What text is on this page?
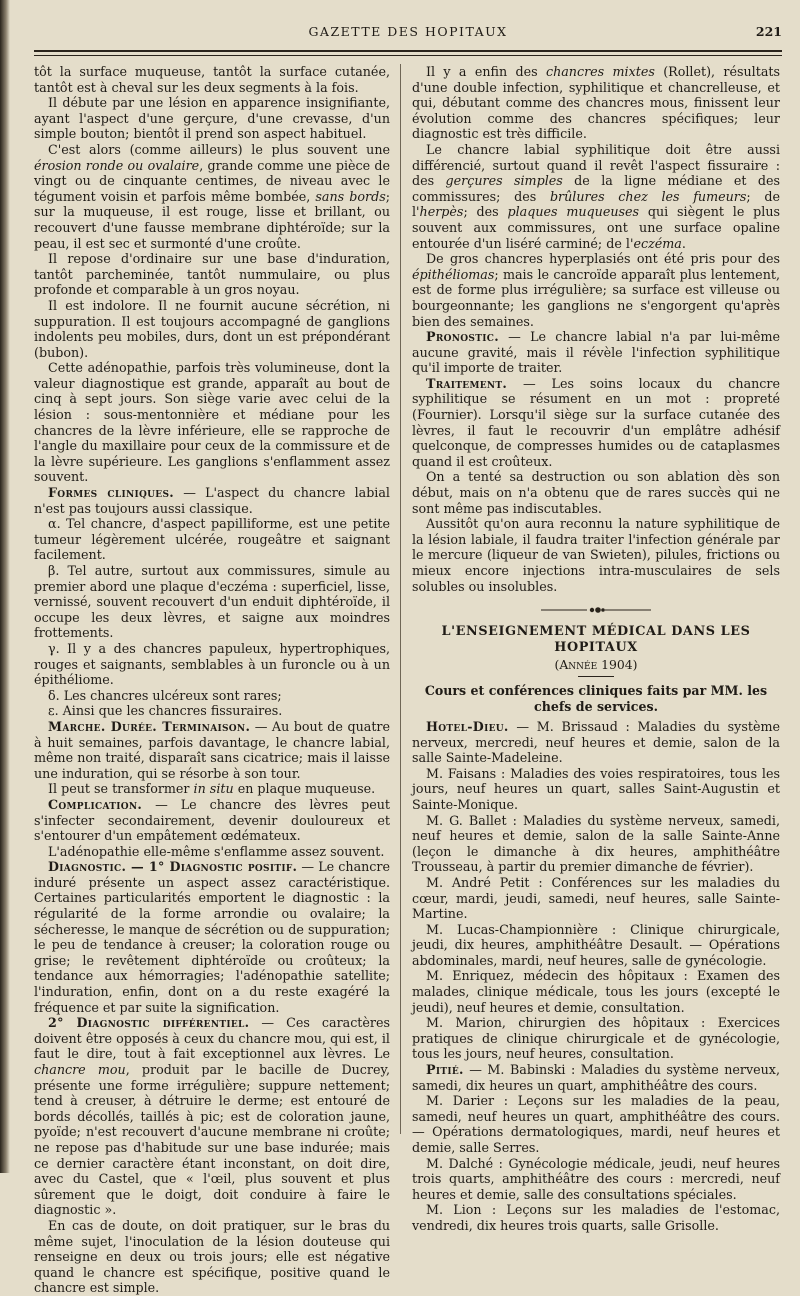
GAZETTE DES HOPITAUX	221

tôt la surface muqueuse, tantôt la surface cutanée, tantôt est à cheval sur les deux segments à la fois.

Il débute par une lésion en apparence insignifiante, ayant l'aspect d'une gerçure, d'une crevasse, d'un simple bouton; bientôt il prend son aspect habituel.

C'est alors (comme ailleurs) le plus souvent une érosion ronde ou ovalaire, grande comme une pièce de vingt ou de cinquante centimes, de niveau avec le tégument voisin et parfois même bombée, sans bords; sur la muqueuse, il est rouge, lisse et brillant, ou recouvert d'une fausse membrane diphtéroïde; sur la peau, il est sec et surmonté d'une croûte.

Il repose d'ordinaire sur une base d'induration, tantôt parcheminée, tantôt nummulaire, ou plus profonde et comparable à un gros noyau.

Il est indolore. Il ne fournit aucune sécrétion, ni suppuration. Il est toujours accompagné de ganglions indolents peu mobiles, durs, dont un est prépondérant (bubon).

Cette adénopathie, parfois très volumineuse, dont la valeur diagnostique est grande, apparaît au bout de cinq à sept jours. Son siège varie avec celui de la lésion : sous-mentonnière et médiane pour les chancres de la lèvre inférieure, elle se rapproche de l'angle du maxillaire pour ceux de la commissure et de la lèvre supérieure. Les ganglions s'enflamment assez souvent.

Formes cliniques. — L'aspect du chancre labial n'est pas toujours aussi classique.

α. Tel chancre, d'aspect papilliforme, est une petite tumeur légèrement ulcérée, rougeâtre et saignant facilement.

β. Tel autre, surtout aux commissures, simule au premier abord une plaque d'eczéma : superficiel, lisse, vernissé, souvent recouvert d'un enduit diphtéroïde, il occupe les deux lèvres, et saigne aux moindres frottements.

γ. Il y a des chancres papuleux, hypertrophiques, rouges et saignants, semblables à un furoncle ou à un épithéliome.

δ. Les chancres ulcéreux sont rares;

ε. Ainsi que les chancres fissuraires.

Marche. Durée. Terminaison. — Au bout de quatre à huit semaines, parfois davantage, le chancre labial, même non traité, disparaît sans cicatrice; mais il laisse une induration, qui se résorbe à son tour.

Il peut se transformer in situ en plaque muqueuse.

Complication. — Le chancre des lèvres peut s'infecter secondairement, devenir douloureux et s'entourer d'un empâtement œdémateux.

L'adénopathie elle-même s'enflamme assez souvent.

Diagnostic. — 1° Diagnostic positif. — Le chancre induré présente un aspect assez caractéristique. Certaines particularités emportent le diagnostic : la régularité de la forme arrondie ou ovalaire; la sécheresse, le manque de sécrétion ou de suppuration; le peu de tendance à creuser; la coloration rouge ou grise; le revêtement diphtéroïde ou croûteux; la tendance aux hémorragies; l'adénopathie satellite; l'induration, enfin, dont on a du reste exagéré la fréquence et par suite la signification.

2° Diagnostic différentiel. — Ces caractères doivent être opposés à ceux du chancre mou, qui est, il faut le dire, tout à fait exceptionnel aux lèvres. Le chancre mou, produit par le bacille de Ducrey, présente une forme irrégulière; suppure nettement; tend à creuser, à détruire le derme; est entouré de bords décollés, taillés à pic; est de coloration jaune, pyoïde; n'est recouvert d'aucune membrane ni croûte; ne repose pas d'habitude sur une base indurée; mais ce dernier caractère étant inconstant, on doit dire, avec du Castel, que « l'œil, plus souvent et plus sûrement que le doigt, doit conduire à faire le diagnostic ».

En cas de doute, on doit pratiquer, sur le bras du même sujet, l'inoculation de la lésion douteuse qui renseigne en deux ou trois jours; elle est négative quand le chancre est spécifique, positive quand le chancre est simple.

Il y a enfin des chancres mixtes (Rollet), résultats d'une double infection, syphilitique et chancrelleuse, et qui, débutant comme des chancres mous, finissent leur évolution comme des chancres spécifiques; leur diagnostic est très difficile.

Le chancre labial syphilitique doit être aussi différencié, surtout quand il revêt l'aspect fissuraire : des gerçures simples de la ligne médiane et des commissures; des brûlures chez les fumeurs; de l'herpès; des plaques muqueuses qui siègent le plus souvent aux commissures, ont une surface opaline entourée d'un liséré carminé; de l'eczéma.

De gros chancres hyperplasiés ont été pris pour des épithéliomas; mais le cancroïde apparaît plus lentement, est de forme plus irrégulière; sa surface est villeuse ou bourgeonnante; les ganglions ne s'engorgent qu'après bien des semaines.

Pronostic. — Le chancre labial n'a par lui-même aucune gravité, mais il révèle l'infection syphilitique qu'il importe de traiter.

Traitement. — Les soins locaux du chancre syphilitique se résument en un mot : propreté (Fournier). Lorsqu'il siège sur la surface cutanée des lèvres, il faut le recouvrir d'un emplâtre adhésif quelconque, de compresses humides ou de cataplasmes quand il est croûteux.

On a tenté sa destruction ou son ablation dès son début, mais on n'a obtenu que de rares succès qui ne sont même pas indiscutables.

Aussitôt qu'on aura reconnu la nature syphilitique de la lésion labiale, il faudra traiter l'infection générale par le mercure (liqueur de van Swieten), pilules, frictions ou mieux encore injections intra-musculaires de sels solubles ou insolubles.

L'ENSEIGNEMENT MÉDICAL DANS LES HOPITAUX

(Année 1904)

Cours et conférences cliniques faits par MM. les chefs de services.

Hotel-Dieu. — M. Brissaud : Maladies du système nerveux, mercredi, neuf heures et demie, salon de la salle Sainte-Madeleine.

M. Faisans : Maladies des voies respiratoires, tous les jours, neuf heures un quart, salles Saint-Augustin et Sainte-Monique.

M. G. Ballet : Maladies du système nerveux, samedi, neuf heures et demie, salon de la salle Sainte-Anne (leçon le dimanche à dix heures, amphithéâtre Trousseau, à partir du premier dimanche de février).

M. André Petit : Conférences sur les maladies du cœur, mardi, jeudi, samedi, neuf heures, salle Sainte-Martine.

M. Lucas-Championnière : Clinique chirurgicale, jeudi, dix heures, amphithéâtre Desault. — Opérations abdominales, mardi, neuf heures, salle de gynécologie.

M. Enriquez, médecin des hôpitaux : Examen des malades, clinique médicale, tous les jours (excepté le jeudi), neuf heures et demie, consultation.

M. Marion, chirurgien des hôpitaux : Exercices pratiques de clinique chirurgicale et de gynécologie, tous les jours, neuf heures, consultation.

Pitié. — M. Babinski : Maladies du système nerveux, samedi, dix heures un quart, amphithéâtre des cours.

M. Darier : Leçons sur les maladies de la peau, samedi, neuf heures un quart, amphithéâtre des cours. — Opérations dermatologiques, mardi, neuf heures et demie, salle Serres.

M. Dalché : Gynécologie médicale, jeudi, neuf heures trois quarts, amphithéâtre des cours : mercredi, neuf heures et demie, salle des consultations spéciales.

M. Lion : Leçons sur les maladies de l'estomac, vendredi, dix heures trois quarts, salle Grisolle.
